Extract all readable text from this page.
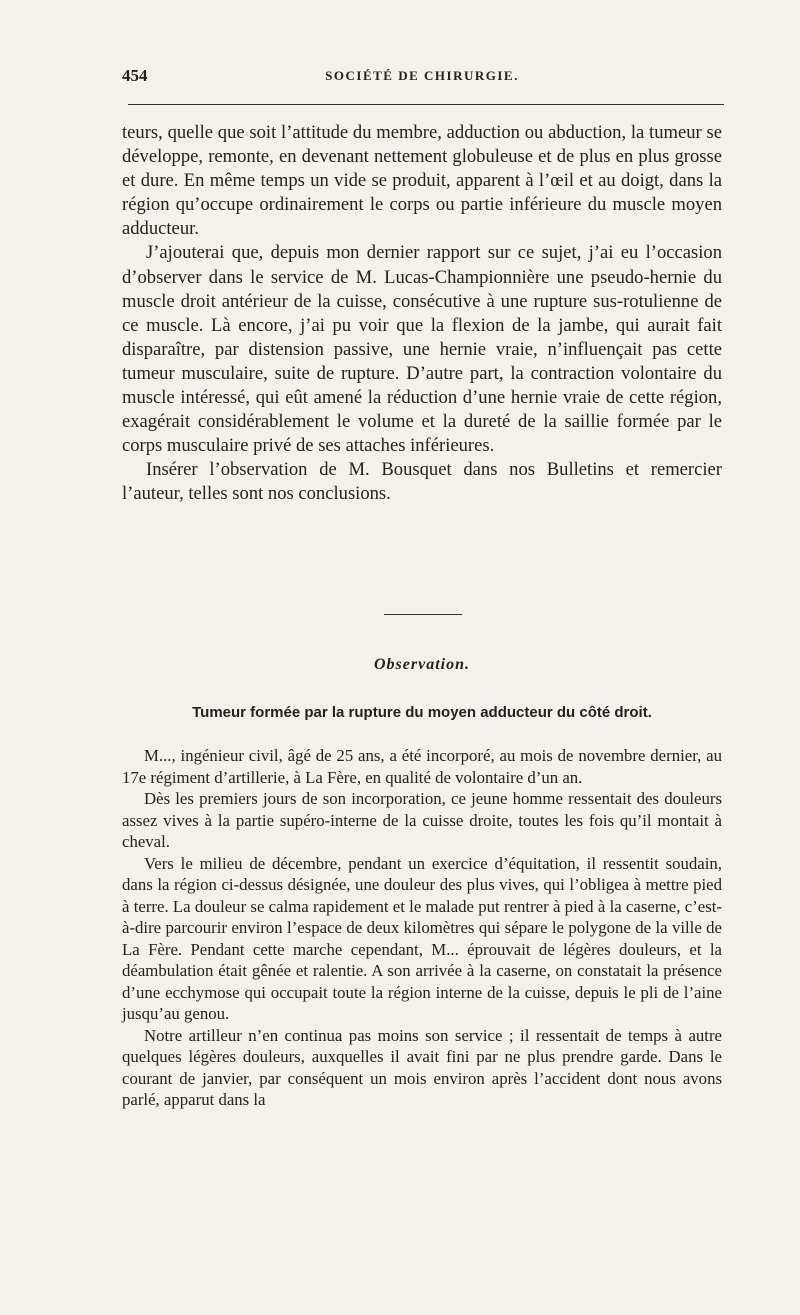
454	SOCIÉTÉ DE CHIRURGIE.

teurs, quelle que soit l’attitude du membre, adduction ou abduction, la tumeur se développe, remonte, en devenant nettement globuleuse et de plus en plus grosse et dure. En même temps un vide se produit, apparent à l’œil et au doigt, dans la région qu’occupe ordinairement le corps ou partie inférieure du muscle moyen adducteur.

J’ajouterai que, depuis mon dernier rapport sur ce sujet, j’ai eu l’occasion d’observer dans le service de M. Lucas-Championnière une pseudo-hernie du muscle droit antérieur de la cuisse, consécutive à une rupture sus-rotulienne de ce muscle. Là encore, j’ai pu voir que la flexion de la jambe, qui aurait fait disparaître, par distension passive, une hernie vraie, n’influençait pas cette tumeur musculaire, suite de rupture. D’autre part, la contraction volontaire du muscle intéressé, qui eût amené la réduction d’une hernie vraie de cette région, exagérait considérablement le volume et la dureté de la saillie formée par le corps musculaire privé de ses attaches inférieures.

Insérer l’observation de M. Bousquet dans nos Bulletins et remercier l’auteur, telles sont nos conclusions.

Observation.
Tumeur formée par la rupture du moyen adducteur du côté droit.

M..., ingénieur civil, âgé de 25 ans, a été incorporé, au mois de novembre dernier, au 17e régiment d’artillerie, à La Fère, en qualité de volontaire d’un an.

Dès les premiers jours de son incorporation, ce jeune homme ressentait des douleurs assez vives à la partie supéro-interne de la cuisse droite, toutes les fois qu’il montait à cheval.

Vers le milieu de décembre, pendant un exercice d’équitation, il ressentit soudain, dans la région ci-dessus désignée, une douleur des plus vives, qui l’obligea à mettre pied à terre. La douleur se calma rapidement et le malade put rentrer à pied à la caserne, c’est-à-dire parcourir environ l’espace de deux kilomètres qui sépare le polygone de la ville de La Fère. Pendant cette marche cependant, M... éprouvait de légères douleurs, et la déambulation était gênée et ralentie. A son arrivée à la caserne, on constatait la présence d’une ecchymose qui occupait toute la région interne de la cuisse, depuis le pli de l’aine jusqu’au genou.

Notre artilleur n’en continua pas moins son service ; il ressentait de temps à autre quelques légères douleurs, auxquelles il avait fini par ne plus prendre garde. Dans le courant de janvier, par conséquent un mois environ après l’accident dont nous avons parlé, apparut dans la
